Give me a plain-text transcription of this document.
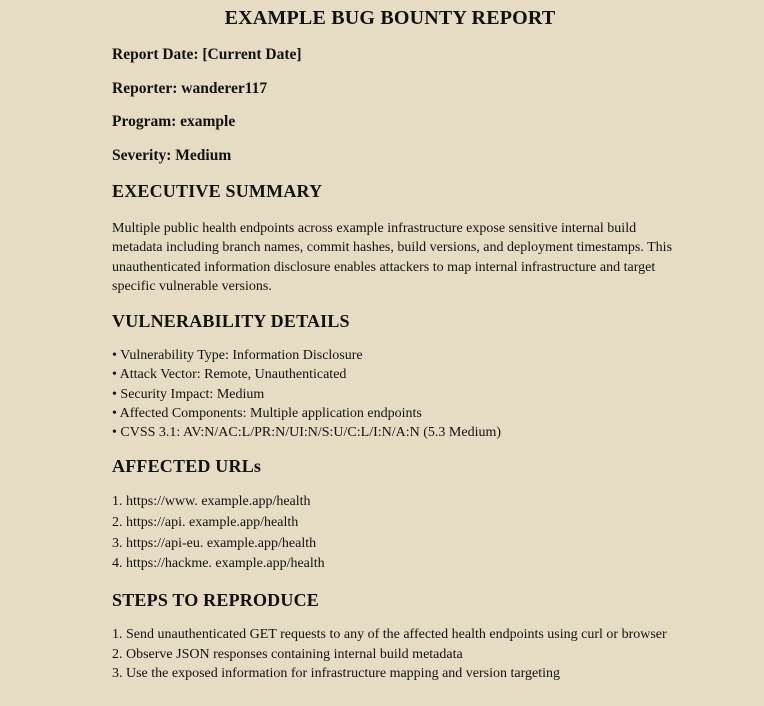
EXAMPLE BUG BOUNTY REPORT
Report Date: [Current Date]
Reporter: wanderer117
Program: example
Severity: Medium
EXECUTIVE SUMMARY
Multiple public health endpoints across example infrastructure expose sensitive internal build metadata including branch names, commit hashes, build versions, and deployment timestamps. This unauthenticated information disclosure enables attackers to map internal infrastructure and target specific vulnerable versions.
VULNERABILITY DETAILS
• Vulnerability Type: Information Disclosure
• Attack Vector: Remote, Unauthenticated
• Security Impact: Medium
• Affected Components: Multiple application endpoints
• CVSS 3.1: AV:N/AC:L/PR:N/UI:N/S:U/C:L/I:N/A:N (5.3 Medium)
AFFECTED URLs
1. https://www. example.app/health
2. https://api. example.app/health
3. https://api-eu. example.app/health
4. https://hackme. example.app/health
STEPS TO REPRODUCE
1. Send unauthenticated GET requests to any of the affected health endpoints using curl or browser
2. Observe JSON responses containing internal build metadata
3. Use the exposed information for infrastructure mapping and version targeting
